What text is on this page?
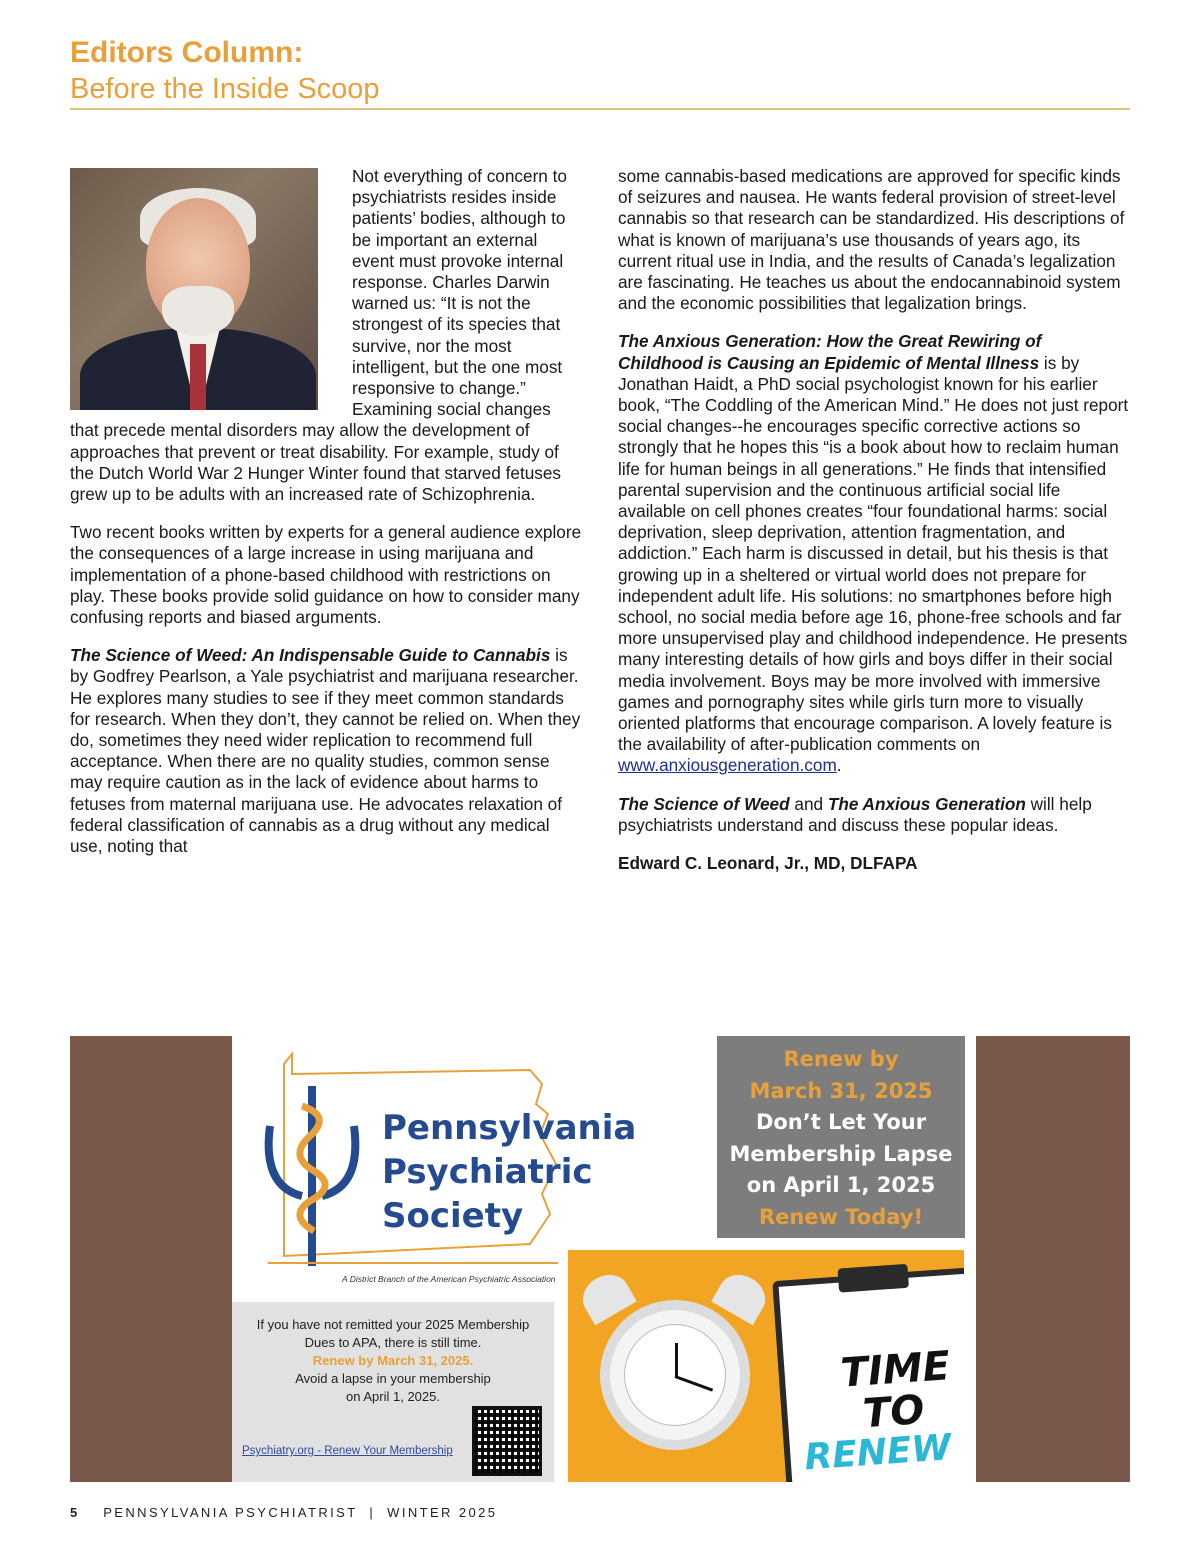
Editors Column:
Before the Inside Scoop

Not everything of concern to psychiatrists resides inside patients’ bodies, although to be important an external event must provoke internal response. Charles Darwin warned us: “It is not the strongest of its species that survive, nor the most intelligent, but the one most responsive to change.” Examining social changes that precede mental disorders may allow the development of approaches that prevent or treat disability. For example, study of the Dutch World War 2 Hunger Winter found that starved fetuses grew up to be adults with an increased rate of Schizophrenia.

Two recent books written by experts for a general audience explore the consequences of a large increase in using marijuana and implementation of a phone-based childhood with restrictions on play. These books provide solid guidance on how to consider many confusing reports and biased arguments.

The Science of Weed: An Indispensable Guide to Cannabis is by Godfrey Pearlson, a Yale psychiatrist and marijuana researcher. He explores many studies to see if they meet common standards for research. When they don’t, they cannot be relied on. When they do, sometimes they need wider replication to recommend full acceptance. When there are no quality studies, common sense may require caution as in the lack of evidence about harms to fetuses from maternal marijuana use. He advocates relaxation of federal classification of cannabis as a drug without any medical use, noting that

some cannabis-based medications are approved for specific kinds of seizures and nausea. He wants federal provision of street-level cannabis so that research can be standardized. His descriptions of what is known of marijuana’s use thousands of years ago, its current ritual use in India, and the results of Canada’s legalization are fascinating. He teaches us about the endocannabinoid system and the economic possibilities that legalization brings.

The Anxious Generation: How the Great Rewiring of Childhood is Causing an Epidemic of Mental Illness is by Jonathan Haidt, a PhD social psychologist known for his earlier book, “The Coddling of the American Mind.” He does not just report social changes--he encourages specific corrective actions so strongly that he hopes this “is a book about how to reclaim human life for human beings in all generations.” He finds that intensified parental supervision and the continuous artificial social life available on cell phones creates “four foundational harms: social deprivation, sleep deprivation, attention fragmentation, and addiction.” Each harm is discussed in detail, but his thesis is that growing up in a sheltered or virtual world does not prepare for independent adult life. His solutions: no smartphones before high school, no social media before age 16, phone-free schools and far more unsupervised play and childhood independence. He presents many interesting details of how girls and boys differ in their social media involvement. Boys may be more involved with immersive games and pornography sites while girls turn more to visually oriented platforms that encourage comparison. A lovely feature is the availability of after-publication comments on www.anxiousgeneration.com.

The Science of Weed and The Anxious Generation will help psychiatrists understand and discuss these popular ideas.

Edward C. Leonard, Jr., MD, DLFAPA

Pennsylvania
Psychiatric
Society
A District Branch of the American Psychiatric Association
Renew by
March 31, 2025
Don’t Let Your
Membership Lapse
on April 1, 2025
Renew Today!
If you have not remitted your 2025 Membership
Dues to APA, there is still time.
Renew by March 31, 2025.
Avoid a lapse in your membership
on April 1, 2025.
Psychiatry.org - Renew Your Membership
TIME
TO
RENEW
5 PENNSYLVANIA PSYCHIATRIST  |  WINTER 2025
